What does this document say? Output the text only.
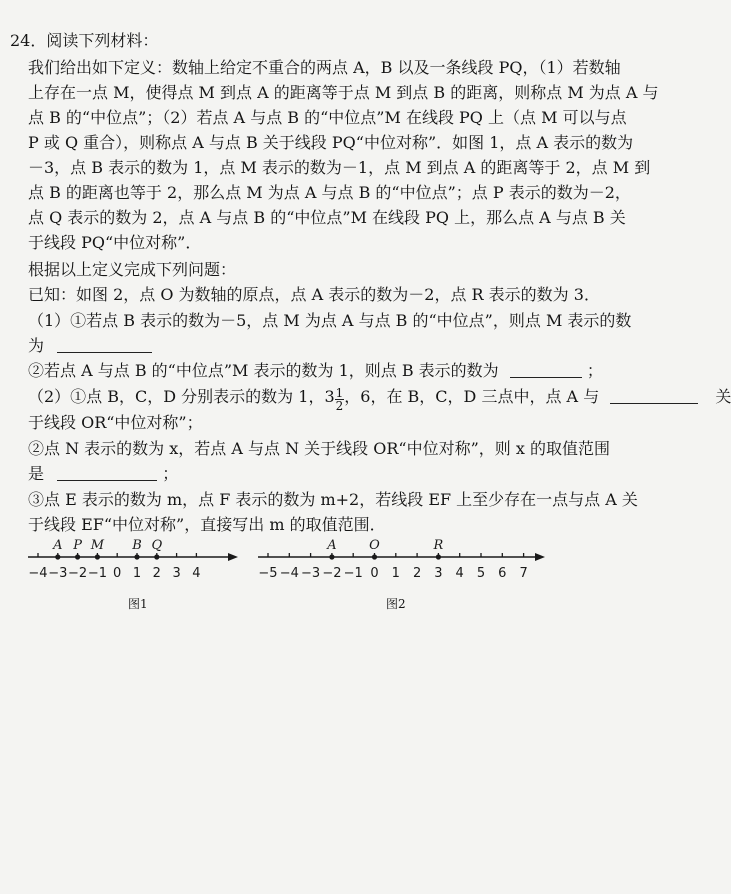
24．阅读下列材料：
我们给出如下定义：数轴上给定不重合的两点 A，B 以及一条线段 PQ，（1）若数轴
上存在一点 M，使得点 M 到点 A 的距离等于点 M 到点 B 的距离，则称点 M 为点 A 与
点 B 的“中位点”；（2）若点 A 与点 B 的“中位点”M 在线段 PQ 上（点 M 可以与点
P 或 Q 重合），则称点 A 与点 B 关于线段 PQ“中位对称”．如图 1，点 A 表示的数为
－3，点 B 表示的数为 1，点 M 表示的数为－1，点 M 到点 A 的距离等于 2，点 M 到
点 B 的距离也等于 2，那么点 M 为点 A 与点 B 的“中位点”；点 P 表示的数为－2，
点 Q 表示的数为 2，点 A 与点 B 的“中位点”M 在线段 PQ 上，那么点 A 与点 B 关
于线段 PQ“中位对称”．
根据以上定义完成下列问题：
已知：如图 2，点 O 为数轴的原点，点 A 表示的数为－2，点 R 表示的数为 3．
（1）①若点 B 表示的数为－5，点 M 为点 A 与点 B 的“中位点”，则点 M 表示的数
为
②若点 A 与点 B 的“中位点”M 表示的数为 1，则点 B 表示的数为	；
（2）①点 B，C，D 分别表示的数为 1，$3 \frac{1}{2}$ ，6，在 B，C，D 三点中，点 A 与	关
于线段 OR“中位对称”；
②点 N 表示的数为 x，若点 A 与点 N 关于线段 OR“中位对称”，则 x 的取值范围
是	；
③点 E 表示的数为 m，点 F 表示的数为 m+2，若线段 EF 上至少存在一点与点 A 关
于线段 EF“中位对称”，直接写出 m 的取值范围．
−4 −3 −2 −1 0 1 2 3 4
A P M B Q
−5 −4 −3 −2 −1 0 1 2 3 4 5 6 7
A	O	R
图1	图2
